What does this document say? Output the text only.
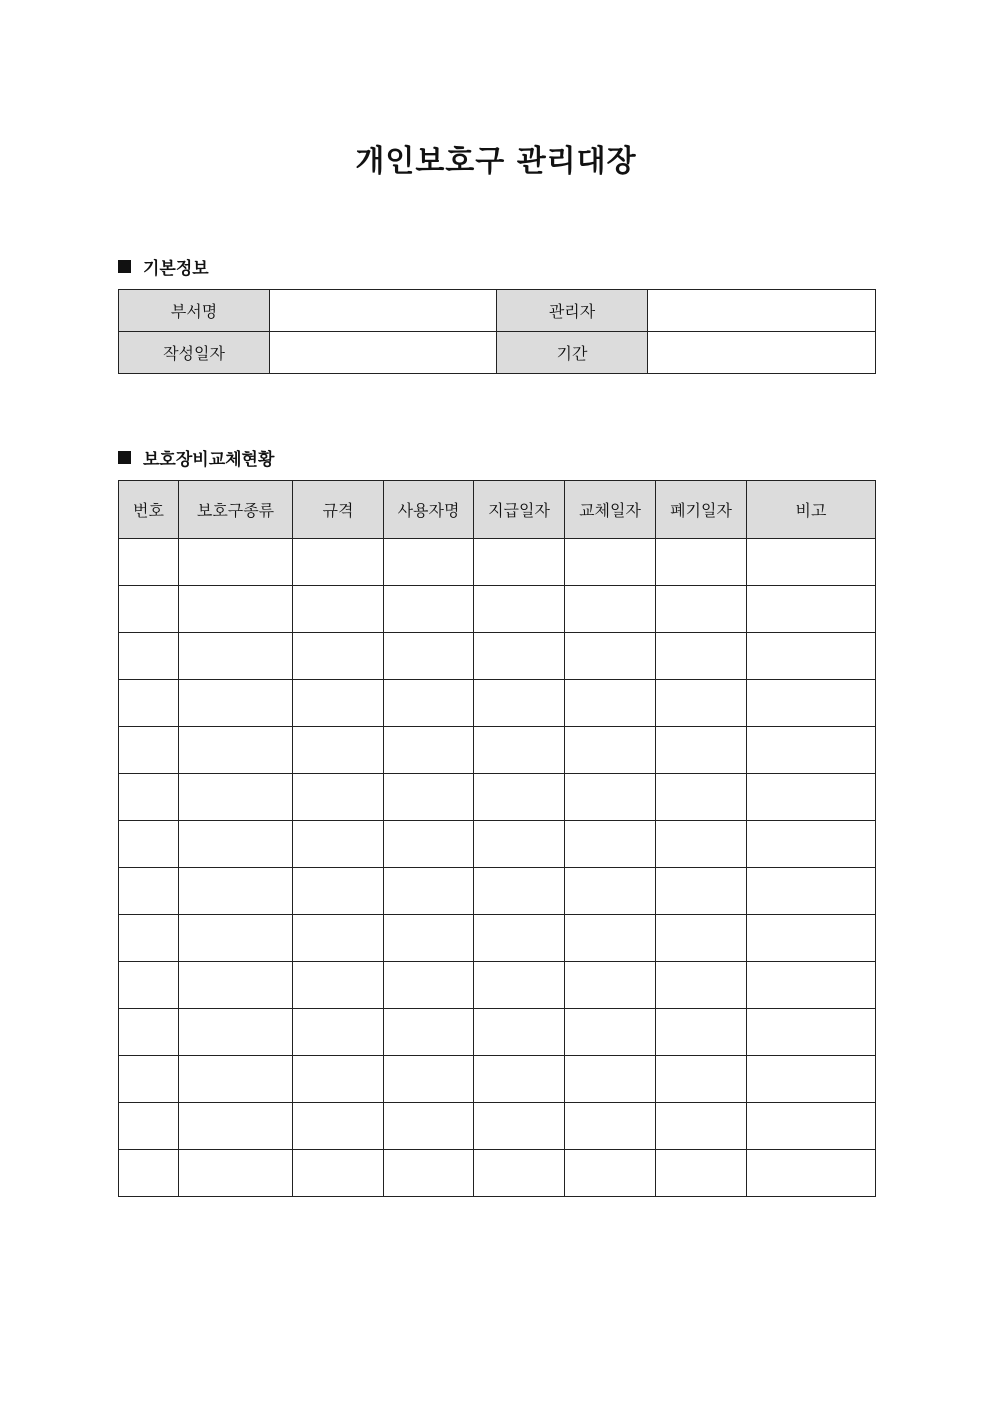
개인보호구 관리대장
기본정보
부서명		관리자	
작성일자		기간	
보호장비교체현황
번호	보호구종류	규격	사용자명	지급일자	교체일자	폐기일자	비고
